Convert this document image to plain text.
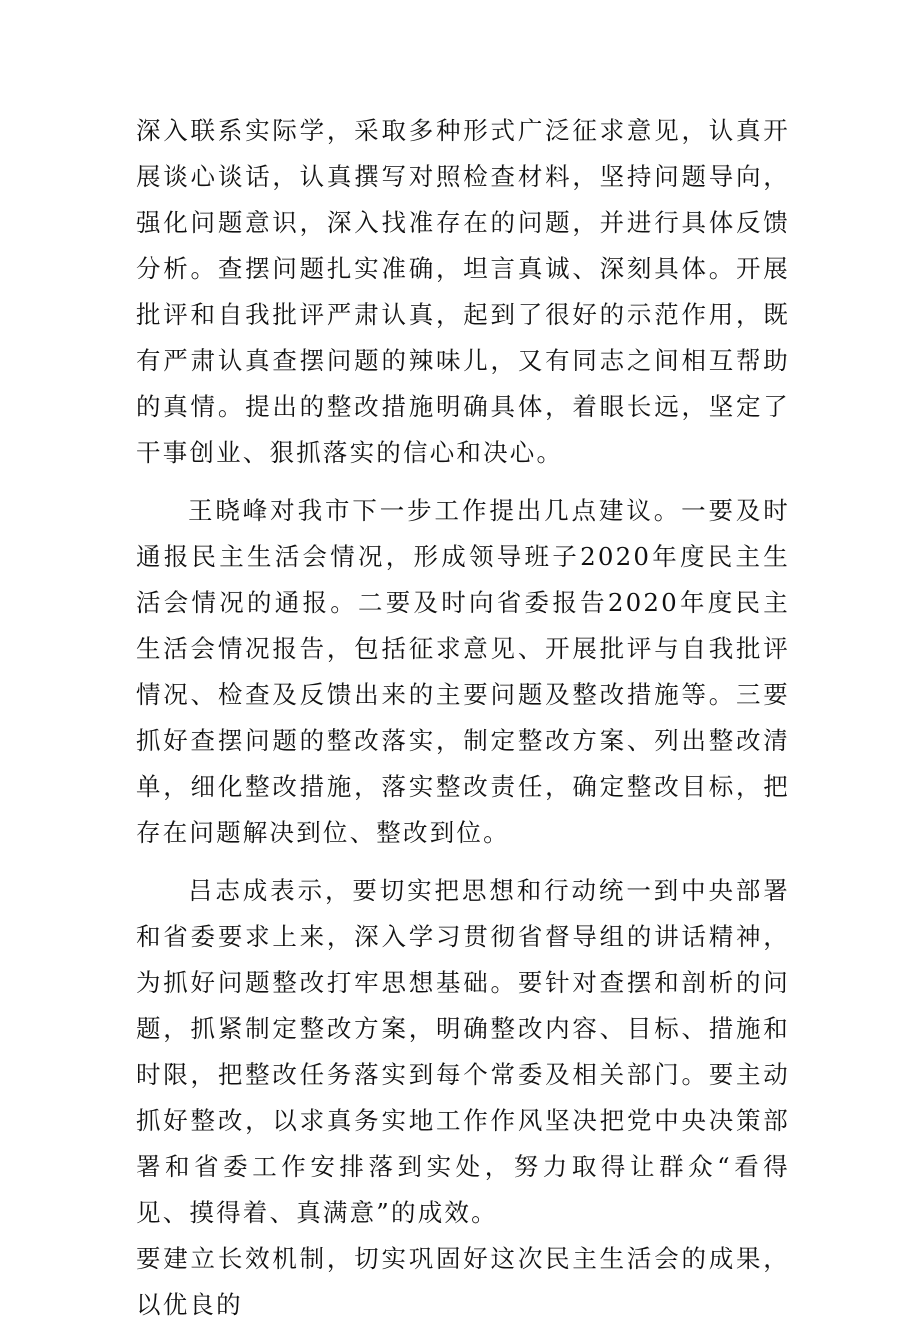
深入联系实际学，采取多种形式广泛征求意见，认真开展谈心谈话，认真撰写对照检查材料，坚持问题导向，强化问题意识，深入找准存在的问题，并进行具体反馈分析。查摆问题扎实准确，坦言真诚、深刻具体。开展批评和自我批评严肃认真，起到了很好的示范作用，既有严肃认真查摆问题的辣味儿，又有同志之间相互帮助的真情。提出的整改措施明确具体，着眼长远，坚定了干事创业、狠抓落实的信心和决心。

王晓峰对我市下一步工作提出几点建议。一要及时通报民主生活会情况，形成领导班子2020年度民主生活会情况的通报。二要及时向省委报告2020年度民主生活会情况报告，包括征求意见、开展批评与自我批评情况、检查及反馈出来的主要问题及整改措施等。三要抓好查摆问题的整改落实，制定整改方案、列出整改清单，细化整改措施，落实整改责任，确定整改目标，把存在问题解决到位、整改到位。

吕志成表示，要切实把思想和行动统一到中央部署和省委要求上来，深入学习贯彻省督导组的讲话精神，为抓好问题整改打牢思想基础。要针对查摆和剖析的问题，抓紧制定整改方案，明确整改内容、目标、措施和时限，把整改任务落实到每个常委及相关部门。要主动抓好整改，以求真务实地工作作风坚决把党中央决策部署和省委工作安排落到实处，努力取得让群众“看得见、摸得着、真满意”的成效。

要建立长效机制，切实巩固好这次民主生活会的成果，以优良的
